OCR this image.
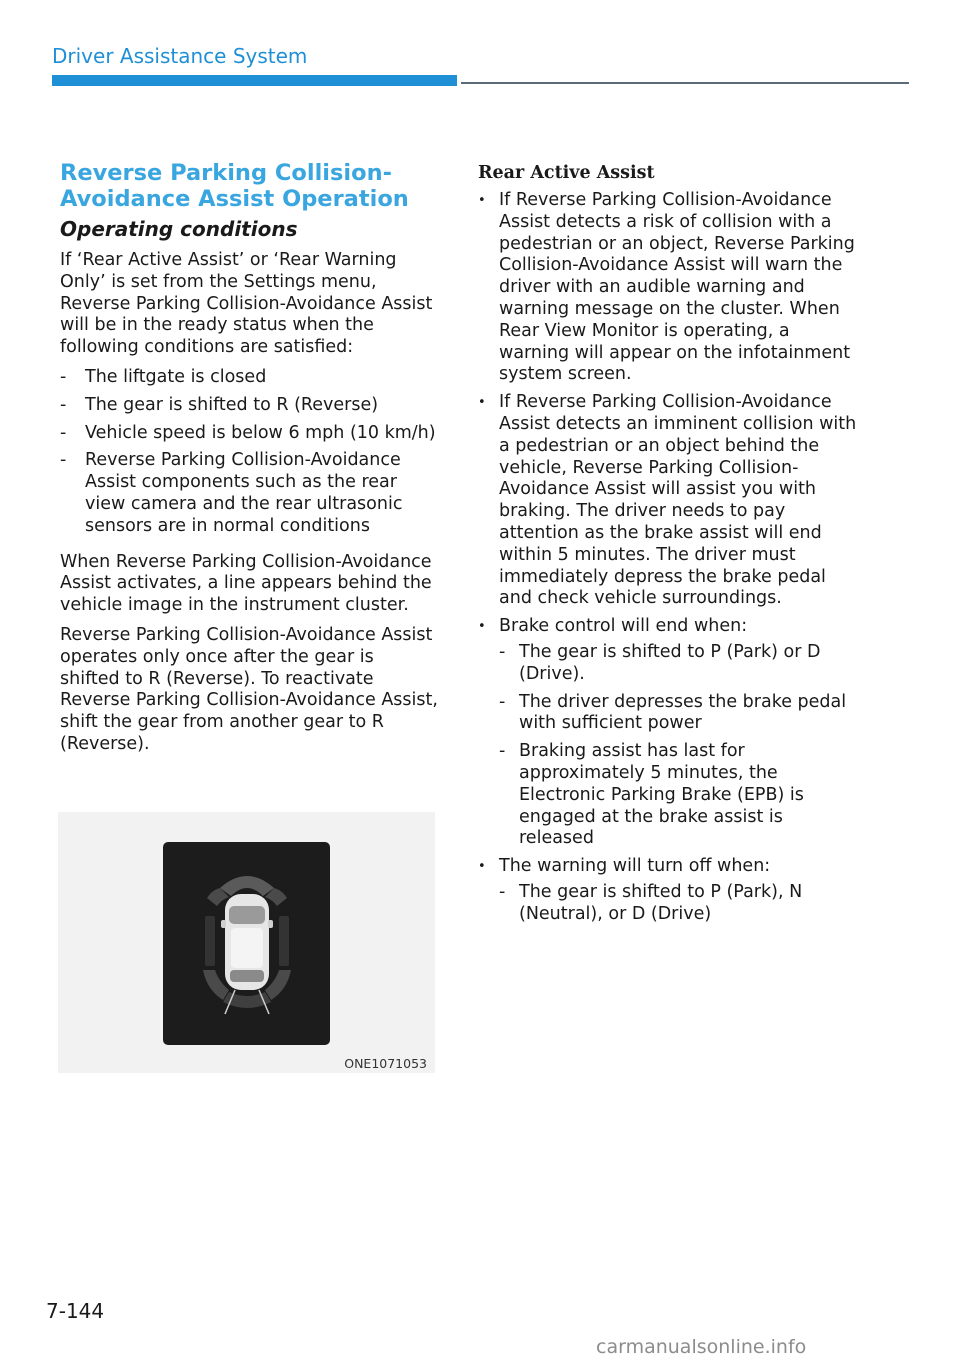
Driver Assistance System
Reverse Parking Collision-
Avoidance Assist Operation
Operating conditions

If ‘Rear Active Assist’ or ‘Rear Warning Only’ is set from the Settings menu, Reverse Parking Collision-Avoidance Assist will be in the ready status when the following conditions are satisfied:

- The liftgate is closed
- The gear is shifted to R (Reverse)
- Vehicle speed is below 6 mph (10 km/h)
- Reverse Parking Collision-Avoidance Assist components such as the rear view camera and the rear ultrasonic sensors are in normal conditions

When Reverse Parking Collision-Avoidance Assist activates, a line appears behind the vehicle image in the instrument cluster.

Reverse Parking Collision-Avoidance Assist operates only once after the gear is shifted to R (Reverse). To reactivate Reverse Parking Collision-Avoidance Assist, shift the gear from another gear to R (Reverse).

ONE1071053
Rear Active Assist
• If Reverse Parking Collision-Avoidance Assist detects a risk of collision with a pedestrian or an object, Reverse Parking Collision-Avoidance Assist will warn the driver with an audible warning and warning message on the cluster. When Rear View Monitor is operating, a warning will appear on the infotainment system screen.
• If Reverse Parking Collision-Avoidance Assist detects an imminent collision with a pedestrian or an object behind the vehicle, Reverse Parking Collision-Avoidance Assist will assist you with braking. The driver needs to pay attention as the brake assist will end within 5 minutes. The driver must immediately depress the brake pedal and check vehicle surroundings.
• Brake control will end when:
- The gear is shifted to P (Park) or D (Drive).
- The driver depresses the brake pedal with sufficient power
- Braking assist has last for approximately 5 minutes, the Electronic Parking Brake (EPB) is engaged at the brake assist is released
• The warning will turn off when:
- The gear is shifted to P (Park), N (Neutral), or D (Drive)
7-144
carmanualsonline.info
